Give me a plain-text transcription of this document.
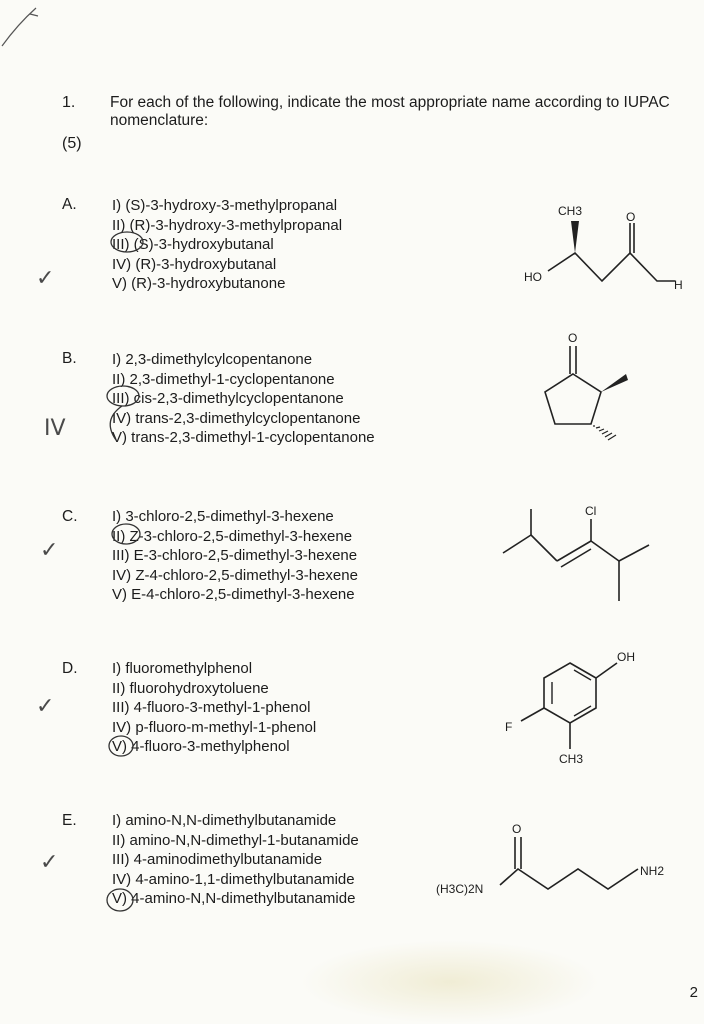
1.
(5)
For each of the following, indicate the most appropriate name according to IUPAC nomenclature:
A.
✓
I) (S)-3-hydroxy-3-methylpropanal
II) (R)-3-hydroxy-3-methylpropanal
III) (S)-3-hydroxybutanal
IV) (R)-3-hydroxybutanal
V) (R)-3-hydroxybutanone
CH3	O
HO
H
B.
IV
I) 2,3-dimethylcylcopentanone
II) 2,3-dimethyl-1-cyclopentanone
III) cis-2,3-dimethylcyclopentanone
IV) trans-2,3-dimethylcyclopentanone
V) trans-2,3-dimethyl-1-cyclopentanone
O
C.
✓
I) 3-chloro-2,5-dimethyl-3-hexene
II) Z-3-chloro-2,5-dimethyl-3-hexene
III) E-3-chloro-2,5-dimethyl-3-hexene
IV) Z-4-chloro-2,5-dimethyl-3-hexene
V) E-4-chloro-2,5-dimethyl-3-hexene
Cl
D.
✓
I) fluoromethylphenol
II) fluorohydroxytoluene
III) 4-fluoro-3-methyl-1-phenol
IV) p-fluoro-m-methyl-1-phenol
V) 4-fluoro-3-methylphenol
OH
F
CH3
E.
✓
I) amino-N,N-dimethylbutanamide
II) amino-N,N-dimethyl-1-butanamide
III) 4-aminodimethylbutanamide
IV) 4-amino-1,1-dimethylbutanamide
V) 4-amino-N,N-dimethylbutanamide
O
(H3C)2N
NH2
2
